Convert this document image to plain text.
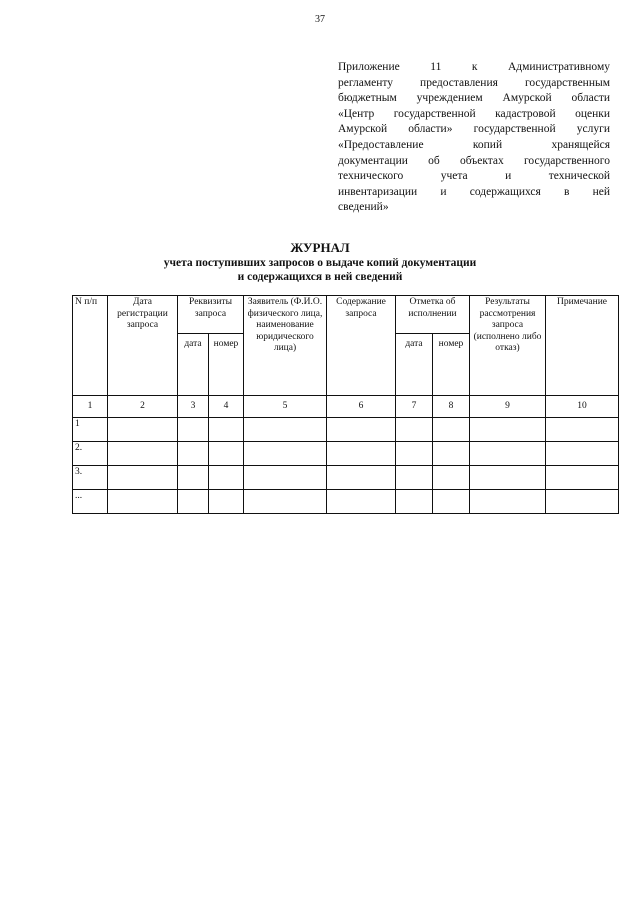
37
Приложение 11 к Административному
регламенту предоставления государственным
бюджетным учреждением Амурской области
«Центр государственной кадастровой оценки
Амурской области» государственной услуги
«Предоставление копий хранящейся
документации об объектах государственного
технического учета и технической
инвентаризации и содержащихся в ней
сведений»
ЖУРНАЛ
учета поступивших запросов о выдаче копий документации
и содержащихся в ней сведений
N п/п	Дата регистрации запроса	Реквизиты запроса		Заявитель (Ф.И.О. физического лица, наименование юридического лица)	Содержание запроса	Отметка об исполнении		Результаты рассмотрения запроса (исполнено либо отказ)	Примечание
		дата	номер			дата	номер		
1	2	3	4	5	6	7	8	9	10
1									
2.									
3.									
...									
